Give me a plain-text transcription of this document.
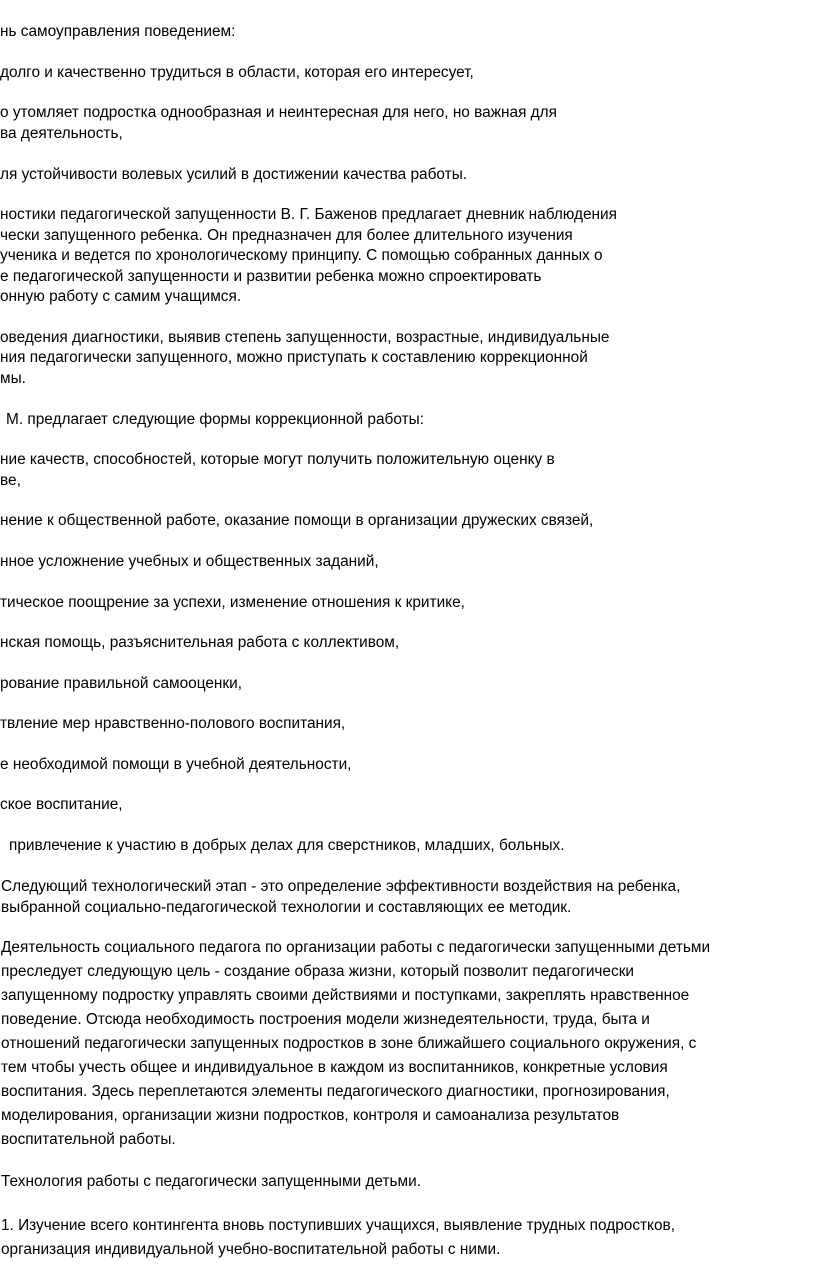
нь самоуправления поведением:
долго и качественно трудиться в области, которая его интересует,
о утомляет подростка однообразная и неинтересная для него, но важная для
ва деятельность,
ля устойчивости волевых усилий в достижении качества работы.
ностики педагогической запущенности В. Г. Баженов предлагает дневник наблюдения
чески запущенного ребенка. Он предназначен для более длительного изучения
ученика и ведется по хронологическому принципу. С помощью собранных данных о
е педагогической запущенности и развитии ребенка можно спроектировать
онную работу с самим учащимся.
оведения диагностики, выявив степень запущенности, возрастные, индивидуальные
ния педагогически запущенного, можно приступать к составлению коррекционной
мы.
М. предлагает следующие формы коррекционной работы:
ние качеств, способностей, которые могут получить положительную оценку в
ве,
нение к общественной работе, оказание помощи в организации дружеских связей,
нное усложнение учебных и общественных заданий,
тическое поощрение за успехи, изменение отношения к критике,
нская помощь, разъяснительная работа с коллективом,
рование правильной самооценки,
твление мер нравственно-полового воспитания,
е необходимой помощи в учебной деятельности,
ское воспитание,
привлечение к участию в добрых делах для сверстников, младших, больных.
Следующий технологический этап - это определение эффективности воздействия на ребенка,
выбранной социально-педагогической технологии и составляющих ее методик.
Деятельность социального педагога по организации работы с педагогически запущенными детьми
преследует следующую цель - создание образа жизни, который позволит педагогически
запущенному подростку управлять своими действиями и поступками, закреплять нравственное
поведение. Отсюда необходимость построения модели жизнедеятельности, труда, быта и
отношений педагогически запущенных подростков в зоне ближайшего социального окружения, с
тем чтобы учесть общее и индивидуальное в каждом из воспитанников, конкретные условия
воспитания. Здесь переплетаются элементы педагогического диагностики, прогнозирования,
моделирования, организации жизни подростков, контроля и самоанализа результатов
воспитательной работы.
Технология работы с педагогически запущенными детьми.
1. Изучение всего контингента вновь поступивших учащихся, выявление трудных подростков,
организация индивидуальной учебно-воспитательной работы с ними.
